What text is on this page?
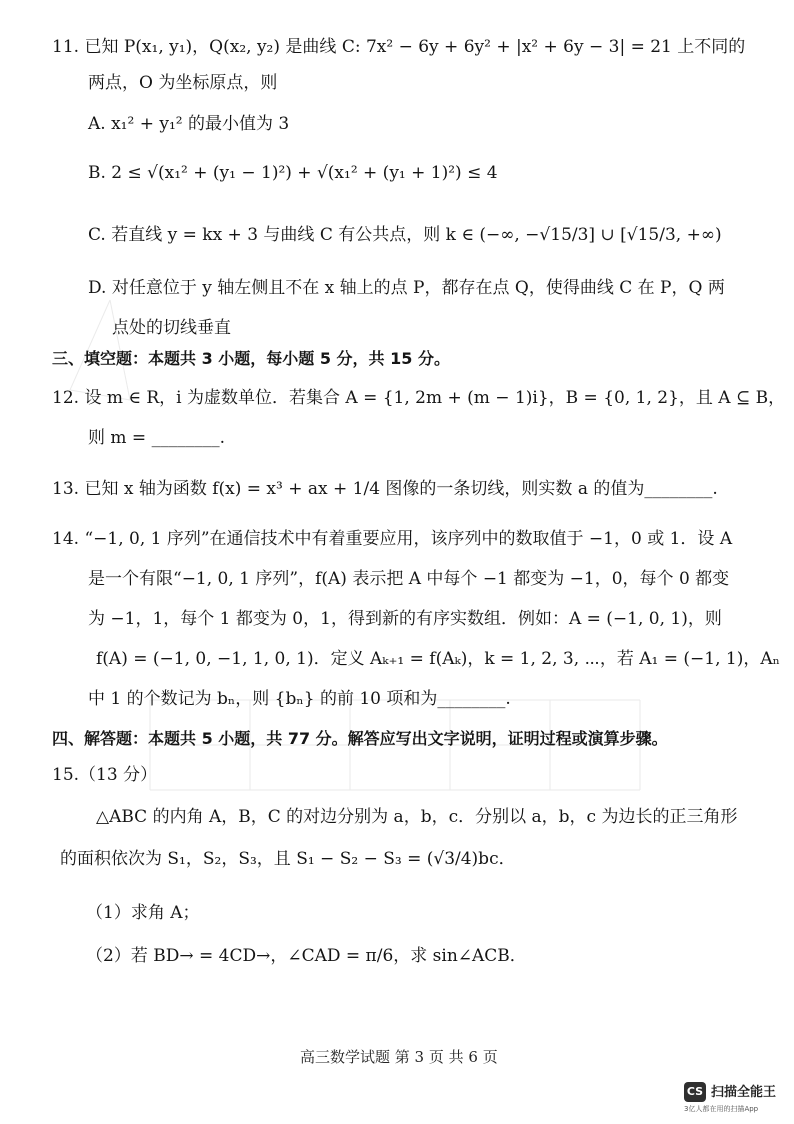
11. 已知 P(x₁, y₁)，Q(x₂, y₂) 是曲线 C: 7x² − 6y + 6y² + |x² + 6y − 3| = 21 上不同的
两点，O 为坐标原点，则
A. x₁² + y₁² 的最小值为 3
B. 2 ≤ √(x₁² + (y₁ − 1)²) + √(x₁² + (y₁ + 1)²) ≤ 4
C. 若直线 y = kx + 3 与曲线 C 有公共点，则 k ∈ (−∞, −√15/3] ∪ [√15/3, +∞)
D. 对任意位于 y 轴左侧且不在 x 轴上的点 P，都存在点 Q，使得曲线 C 在 P，Q 两
点处的切线垂直
三、填空题：本题共 3 小题，每小题 5 分，共 15 分。
12. 设 m ∈ R，i 为虚数单位．若集合 A = {1, 2m + (m − 1)i}，B = {0, 1, 2}，且 A ⊆ B，
则 m = ________.
13. 已知 x 轴为函数 f(x) = x³ + ax + 1/4 图像的一条切线，则实数 a 的值为________.
14. “−1, 0, 1 序列”在通信技术中有着重要应用，该序列中的数取值于 −1，0 或 1．设 A
是一个有限“−1, 0, 1 序列”，f(A) 表示把 A 中每个 −1 都变为 −1，0，每个 0 都变
为 −1，1，每个 1 都变为 0，1，得到新的有序实数组．例如：A = (−1, 0, 1)，则
f(A) = (−1, 0, −1, 1, 0, 1)．定义 Aₖ₊₁ = f(Aₖ)，k = 1, 2, 3, ⋯，若 A₁ = (−1, 1)，Aₙ
中 1 的个数记为 bₙ，则 {bₙ} 的前 10 项和为________.
四、解答题：本题共 5 小题，共 77 分。解答应写出文字说明，证明过程或演算步骤。
15.（13 分）
△ABC 的内角 A，B，C 的对边分别为 a，b，c．分别以 a，b，c 为边长的正三角形
的面积依次为 S₁，S₂，S₃，且 S₁ − S₂ − S₃ = (√3/4)bc．
（1）求角 A；
（2）若 BD→ = 4CD→，∠CAD = π/6，求 sin∠ACB．
高三数学试题 第 3 页 共 6 页
CS 扫描全能王
3亿人都在用的扫描App
